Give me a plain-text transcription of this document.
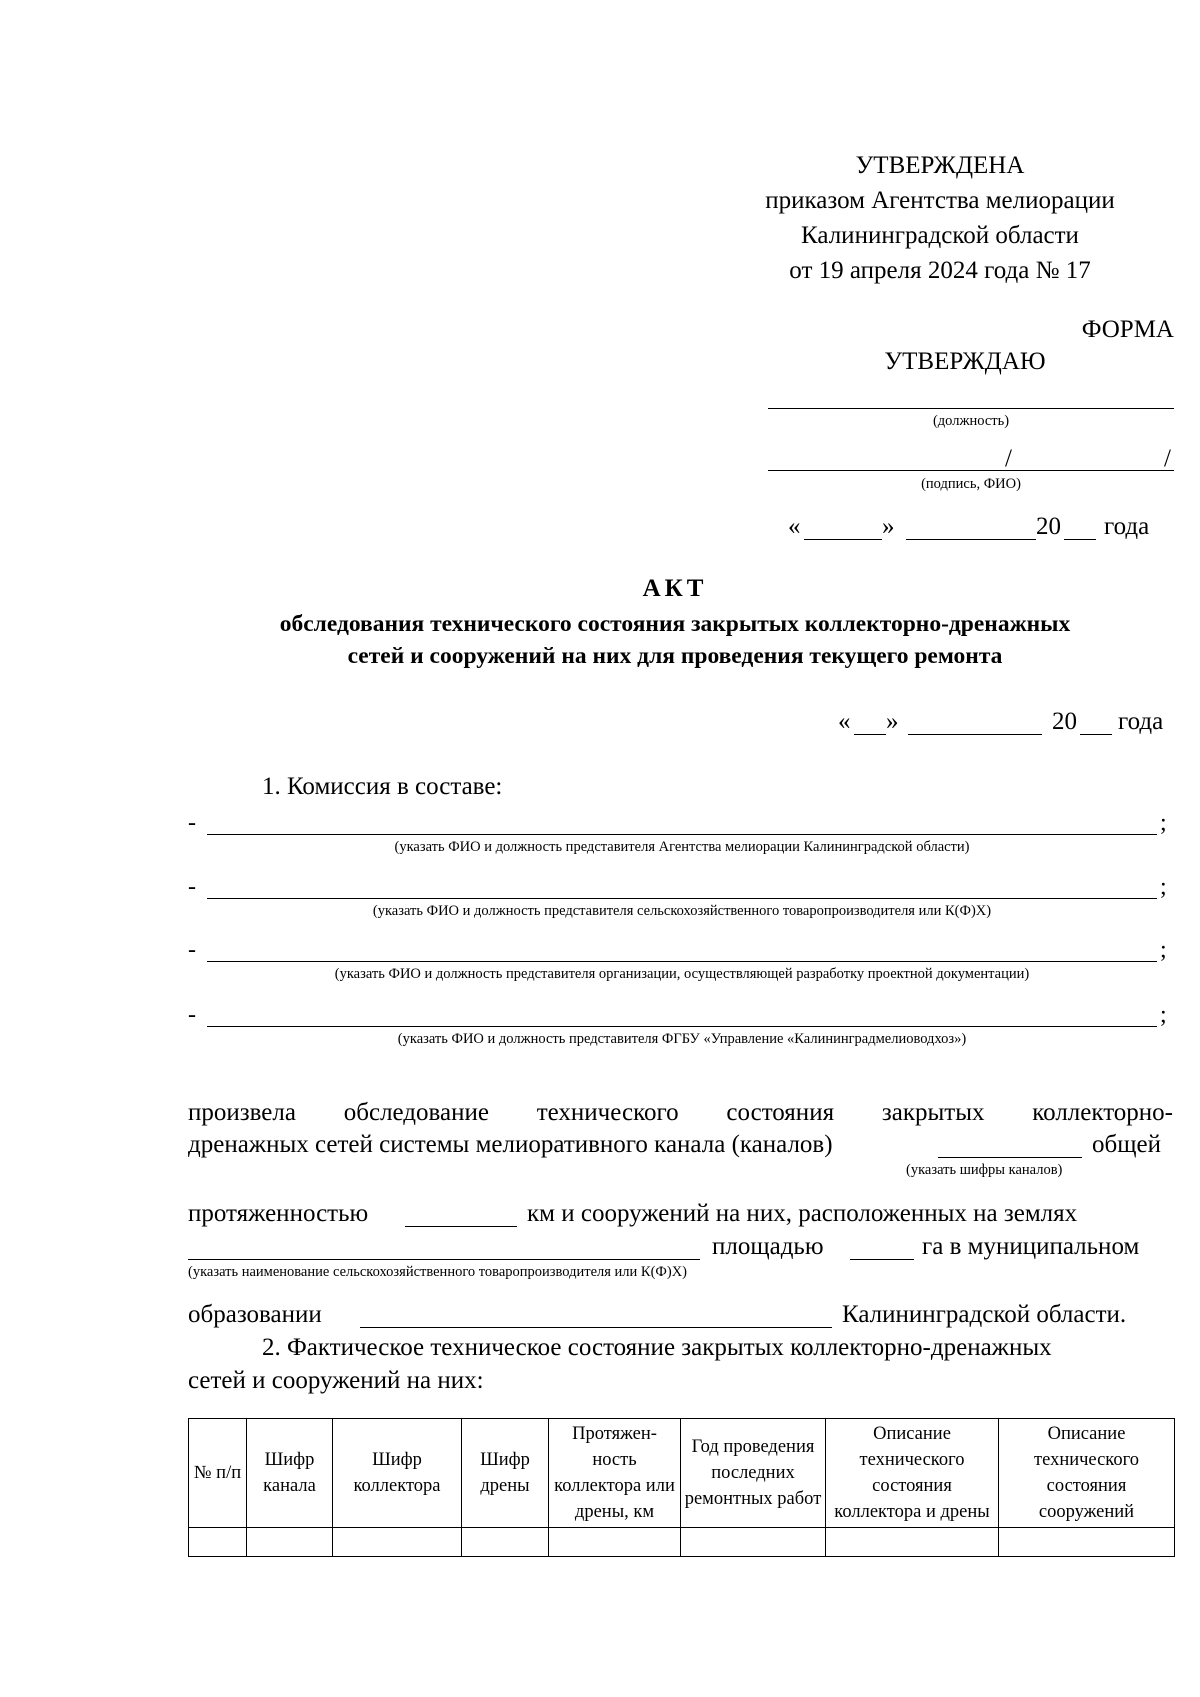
УТВЕРЖДЕНА
приказом Агентства мелиорации
Калининградской области
от 19 апреля 2024 года № 17
ФОРМА
УТВЕРЖДАЮ
(должность)
/	/
(подпись, ФИО)
«	»	20 года
АКТ
обследования технического состояния закрытых коллекторно-дренажных
сетей и сооружений на них для проведения текущего ремонта
« »	20 года
1. Комиссия в составе:
-	;
(указать ФИО и должность представителя Агентства мелиорации Калининградской области)
-	;
(указать ФИО и должность представителя сельскохозяйственного товаропроизводителя или К(Ф)Х)
-	;
(указать ФИО и должность представителя организации, осуществляющей разработку проектной документации)
-	;
(указать ФИО и должность представителя ФГБУ «Управление «Калининградмелиоводхоз»)
произвела обследование технического состояния закрытых коллекторно-
дренажных сетей системы мелиоративного канала (каналов)	общей
(указать шифры каналов)
протяженностью	км и сооружений на них, расположенных на землях
площадью	га в муниципальном
(указать наименование сельскохозяйственного товаропроизводителя или К(Ф)Х)
образовании	Калининградской области.
2. Фактическое техническое состояние закрытых коллекторно-дренажных
сетей и сооружений на них:
№ п/п	Шифр канала	Шифр коллектора	Шифр дрены	Протяжен-ность коллектора или дрены, км	Год проведения последних ремонтных работ	Описание технического состояния коллектора и дрены	Описание технического состояния сооружений
